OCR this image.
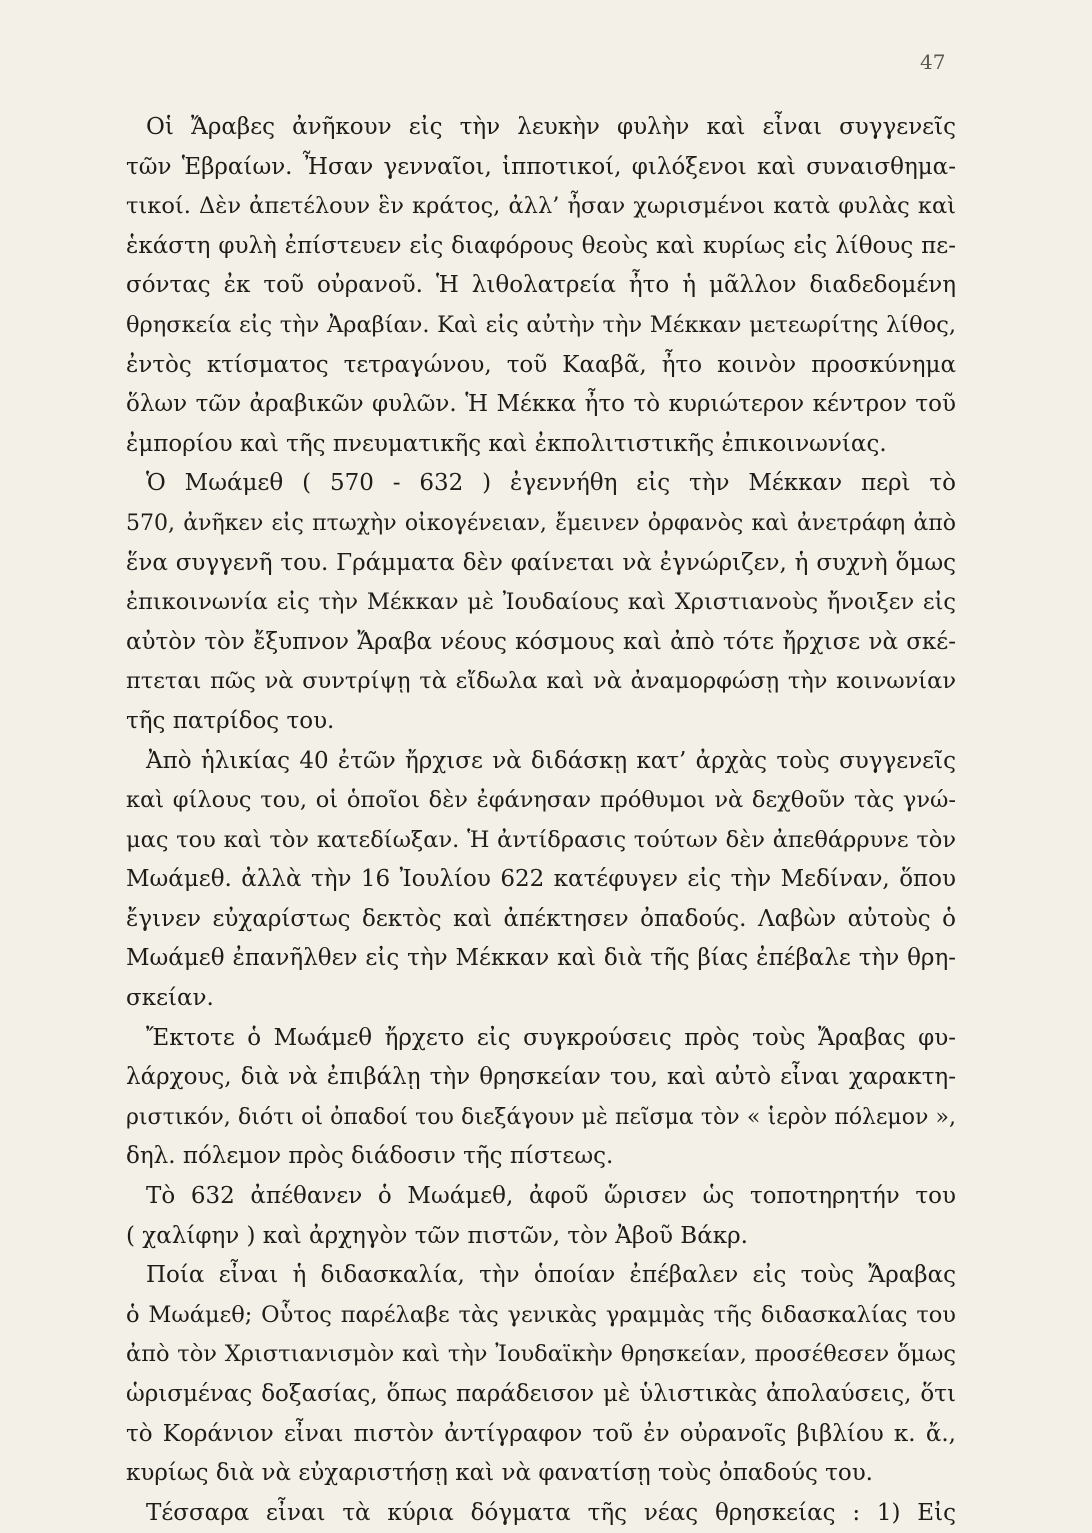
47
Οἱ Ἄραβες ἀνῆκουν εἰς τὴν λευκὴν φυλὴν καὶ εἶναι συγγενεῖς
τῶν Ἑβραίων. Ἦσαν γενναῖοι, ἱππoτικοί, φιλόξενοι καὶ συναισθημα-
τικοί. Δὲν ἀπετέλουν ἓν κράτος, ἀλλ’ ἦσαν χωρισμένοι κατὰ φυλὰς καὶ
ἑκάστη φυλὴ ἐπίστευεν εἰς διαφόρους θεοὺς καὶ κυρίως εἰς λίθους πε-
σόντας ἐκ τοῦ οὐρανοῦ. Ἡ λιθολατρεία ἦτο ἡ μᾶλλον διαδεδομένη
θρησκεία εἰς τὴν Ἀραβίαν. Καὶ εἰς αὐτὴν τὴν Μέκκαν μετεωρίτης λίθος,
ἐντὸς κτίσματος τετραγώνου, τοῦ Κααβᾶ, ἦτο κοινὸν προσκύνημα
ὅλων τῶν ἀραβικῶν φυλῶν. Ἡ Μέκκα ἦτο τὸ κυριώτερον κέντρον τοῦ
ἐμπορίου καὶ τῆς πνευματικῆς καὶ ἐκπολιτιστικῆς ἐπικοινωνίας.
Ὁ Μωάμεθ ( 570 - 632 ) ἐγεννήθη εἰς τὴν Μέκκαν περὶ τὸ
570, ἀνῆκεν εἰς πτωχὴν οἰκογένειαν, ἔμεινεν ὀρφανὸς καὶ ἀνετράφη ἀπὸ
ἕνα συγγενῆ του. Γράμματα δὲν φαίνεται νὰ ἐγνώριζεν, ἡ συχνὴ ὅμως
ἐπικοινωνία εἰς τὴν Μέκκαν μὲ Ἰουδαίους καὶ Χριστιανοὺς ἤνοιξεν εἰς
αὐτὸν τὸν ἔξυπνον Ἄραβα νέους κόσμους καὶ ἀπὸ τότε ἤρχισε νὰ σκέ-
πτεται πῶς νὰ συντρίψῃ τὰ εἴδωλα καὶ νὰ ἀναμορφώσῃ τὴν κοινωνίαν
τῆς πατρίδος του.
Ἀπὸ ἡλικίας 40 ἐτῶν ἤρχισε νὰ διδάσκῃ κατ’ ἀρχὰς τοὺς συγγενεῖς
καὶ φίλους του, οἱ ὁποῖοι δὲν ἐφάνησαν πρόθυμοι νὰ δεχθοῦν τὰς γνώ-
μας του καὶ τὸν κατεδίωξαν. Ἡ ἀντίδρασις τούτων δὲν ἀπεθάρρυνε τὸν
Μωάμεθ. ἀλλὰ τὴν 16 Ἰουλίου 622 κατέφυγεν εἰς τὴν Μεδίναν, ὅπου
ἔγινεν εὐχαρίστως δεκτὸς καὶ ἀπέκτησεν ὀπαδούς. Λαβὼν αὐτοὺς ὁ
Μωάμεθ ἐπανῆλθεν εἰς τὴν Μέκκαν καὶ διὰ τῆς βίας ἐπέβαλε τὴν θρη-
σκείαν.
Ἔκτοτε ὁ Μωάμεθ ἤρχετο εἰς συγκρούσεις πρὸς τοὺς Ἄραβας φυ-
λάρχους, διὰ νὰ ἐπιβάλῃ τὴν θρησκείαν του, καὶ αὐτὸ εἶναι χαρακτη-
ριστικόν, διότι οἱ ὀπαδοί του διεξάγουν μὲ πεῖσμα τὸν « ἱερὸν πόλεμον »,
δηλ. πόλεμον πρὸς διάδοσιν τῆς πίστεως.
Τὸ 632 ἀπέθανεν ὁ Μωάμεθ, ἀφοῦ ὥρισεν ὡς τοποτηρητήν του
( χαλίφην ) καὶ ἀρχηγὸν τῶν πιστῶν, τὸν Ἀβοῦ Βάκρ.
Ποία εἶναι ἡ διδασκαλία, τὴν ὁποίαν ἐπέβαλεν εἰς τοὺς Ἄραβας
ὁ Μωάμεθ; Οὗτος παρέλαβε τὰς γενικὰς γραμμὰς τῆς διδασκαλίας του
ἀπὸ τὸν Χριστιανισμὸν καὶ τὴν Ἰουδαϊκὴν θρησκείαν, προσέθεσεν ὅμως
ὡρισμένας δοξασίας, ὅπως παράδεισον μὲ ὑλιστικὰς ἀπολαύσεις, ὅτι
τὸ Κοράνιον εἶναι πιστὸν ἀντίγραφον τοῦ ἐν οὐρανοῖς βιβλίου κ. ἄ.,
κυρίως διὰ νὰ εὐχαριστήσῃ καὶ νὰ φανατίσῃ τοὺς ὀπαδούς του.
Τέσσαρα εἶναι τὰ κύρια δόγματα τῆς νέας θρησκείας : 1) Εἰς
